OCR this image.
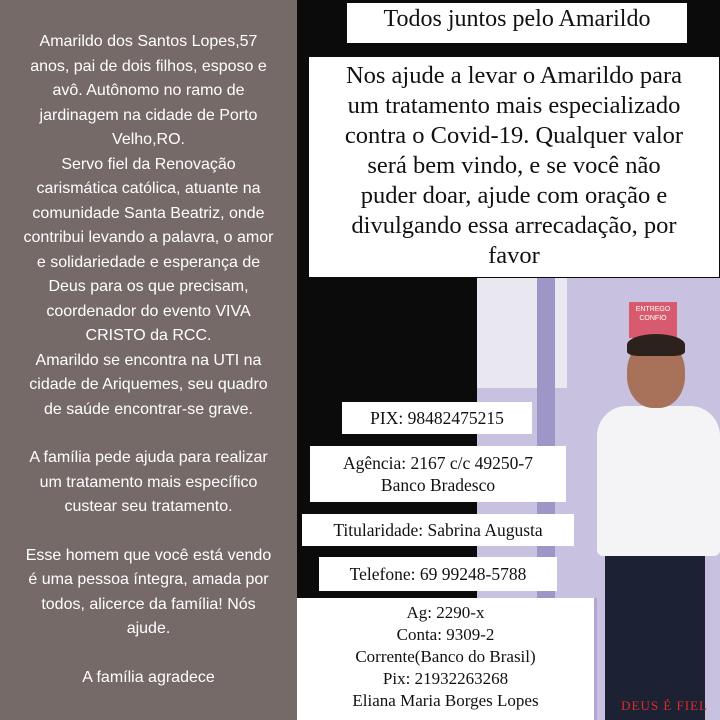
Amarildo dos Santos Lopes,57

anos, pai de dois filhos, esposo e

avô. Autônomo no ramo de

jardinagem na cidade de Porto

Velho,RO.

Servo fiel da Renovação

carismática católica, atuante na

comunidade Santa Beatriz, onde

contribui levando a palavra, o amor

e solidariedade e esperança de

Deus para os que precisam,

coordenador do evento VIVA

CRISTO da RCC.

Amarildo se encontra na UTI na

cidade de Ariquemes, seu quadro

de saúde encontrar-se grave.

A família pede ajuda para realizar

um tratamento mais específico

custear seu tratamento.

Esse homem que você está vendo

é uma pessoa íntegra, amada por

todos, alicerce da família! Nós

ajude.

A família agradece

Todos juntos pelo Amarildo
Nos ajude a levar o Amarildo para
um tratamento mais especializado
contra o Covid-19. Qualquer valor
será bem vindo, e se você não
puder doar, ajude com oração e
divulgando essa arrecadação, por
favor
ENTREGO CONFIO
DEUS É FIEL
PIX: 98482475215
Agência: 2167 c/c 49250-7
Banco Bradesco
Titularidade: Sabrina Augusta
Telefone: 69 99248-5788
Ag: 2290-x
Conta: 9309-2
Corrente(Banco do Brasil)
Pix: 21932263268
Eliana Maria Borges Lopes
